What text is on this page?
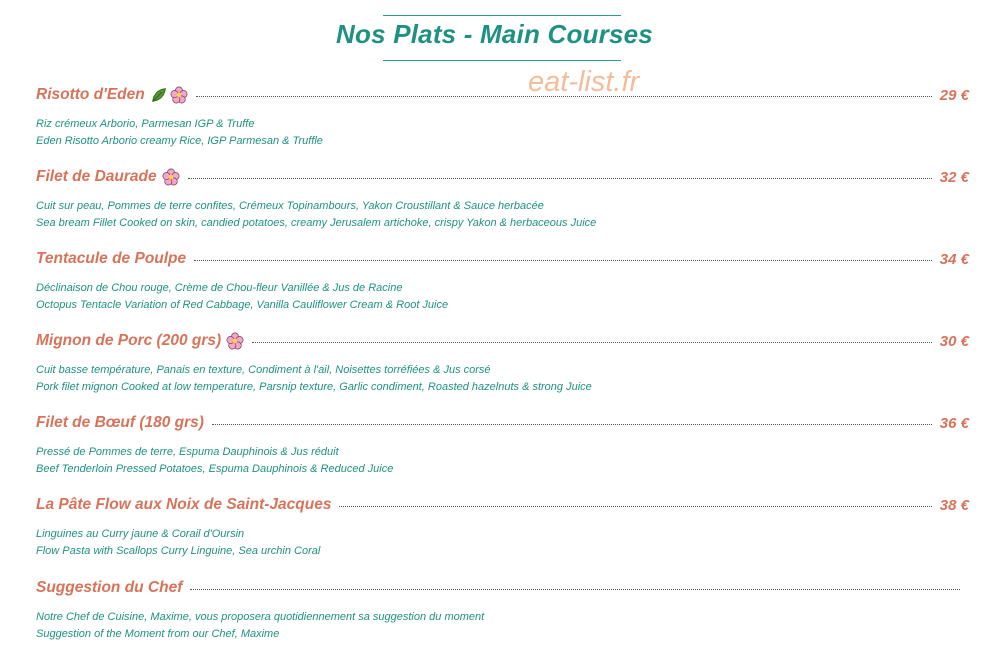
Nos Plats - Main Courses
eat-list.fr
Risotto d'Eden	29 €
Riz crémeux Arborio, Parmesan IGP & Truffe
Eden Risotto Arborio creamy Rice, IGP Parmesan & Truffle
Filet de Daurade	32 €
Cuit sur peau, Pommes de terre confites, Crémeux Topinambours, Yakon Croustillant & Sauce herbacée
Sea bream Fillet Cooked on skin, candied potatoes, creamy Jerusalem artichoke, crispy Yakon & herbaceous Juice
Tentacule de Poulpe	34 €
Déclinaison de Chou rouge, Crème de Chou-fleur Vanillée & Jus de Racine
Octopus Tentacle Variation of Red Cabbage, Vanilla Cauliflower Cream & Root Juice
Mignon de Porc (200 grs)	30 €
Cuit basse température, Panais en texture, Condiment à l'ail, Noisettes torréfiées & Jus corsé
Pork filet mignon Cooked at low temperature, Parsnip texture, Garlic condiment, Roasted hazelnuts & strong Juice
Filet de Bœuf (180 grs)	36 €
Pressé de Pommes de terre, Espuma Dauphinois & Jus réduit
Beef Tenderloin Pressed Potatoes, Espuma Dauphinois & Reduced Juice
La Pâte Flow aux Noix de Saint-Jacques	38 €
Linguines au Curry jaune & Corail d'Oursin
Flow Pasta with Scallops Curry Linguine, Sea urchin Coral
Suggestion du Chef
Notre Chef de Cuisine, Maxime, vous proposera quotidiennement sa suggestion du moment
Suggestion of the Moment from our Chef, Maxime
